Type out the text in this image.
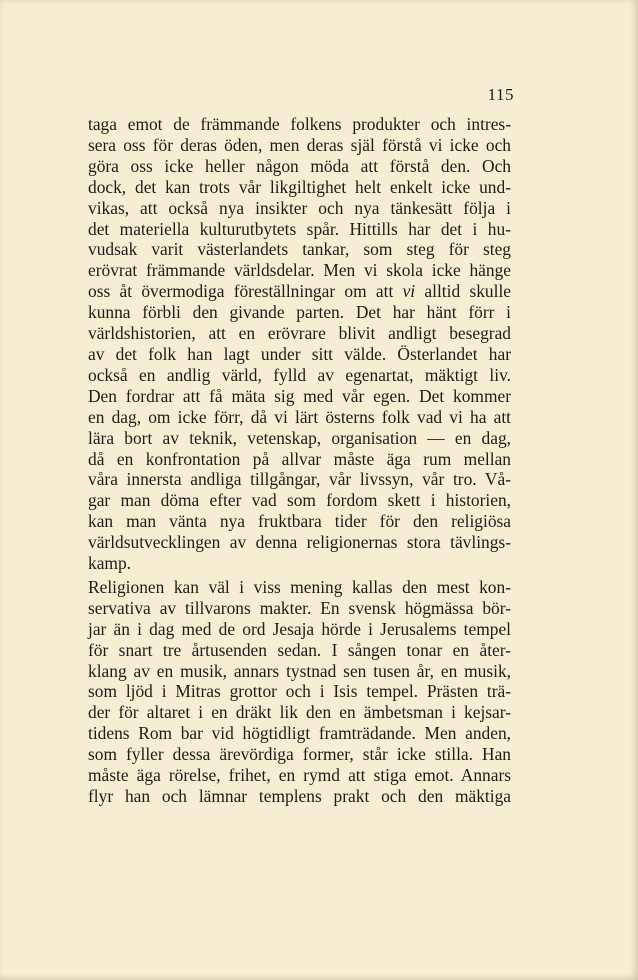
115
taga emot de främmande folkens produkter och intres-
sera oss för deras öden, men deras själ förstå vi icke och
göra oss icke heller någon möda att förstå den. Och
dock, det kan trots vår likgiltighet helt enkelt icke und-
vikas, att också nya insikter och nya tänkesätt följa i
det materiella kulturutbytets spår. Hittills har det i hu-
vudsak varit västerlandets tankar, som steg för steg
erövrat främmande världsdelar. Men vi skola icke hänge
oss åt övermodiga föreställningar om att vi alltid skulle
kunna förbli den givande parten. Det har hänt förr i
världshistorien, att en erövrare blivit andligt besegrad
av det folk han lagt under sitt välde. Österlandet har
också en andlig värld, fylld av egenartat, mäktigt liv.
Den fordrar att få mäta sig med vår egen. Det kommer
en dag, om icke förr, då vi lärt österns folk vad vi ha att
lära bort av teknik, vetenskap, organisation — en dag,
då en konfrontation på allvar måste äga rum mellan
våra innersta andliga tillgångar, vår livssyn, vår tro. Vå-
gar man döma efter vad som fordom skett i historien,
kan man vänta nya fruktbara tider för den religiösa
världsutvecklingen av denna religionernas stora tävlings-
kamp.
Religionen kan väl i viss mening kallas den mest kon-
servativa av tillvarons makter. En svensk högmässa bör-
jar än i dag med de ord Jesaja hörde i Jerusalems tempel
för snart tre årtusenden sedan. I sången tonar en åter-
klang av en musik, annars tystnad sen tusen år, en musik,
som ljöd i Mitras grottor och i Isis tempel. Prästen trä-
der för altaret i en dräkt lik den en ämbetsman i kejsar-
tidens Rom bar vid högtidligt framträdande. Men anden,
som fyller dessa ärevördiga former, står icke stilla. Han
måste äga rörelse, frihet, en rymd att stiga emot. Annars
flyr han och lämnar templens prakt och den mäktiga
